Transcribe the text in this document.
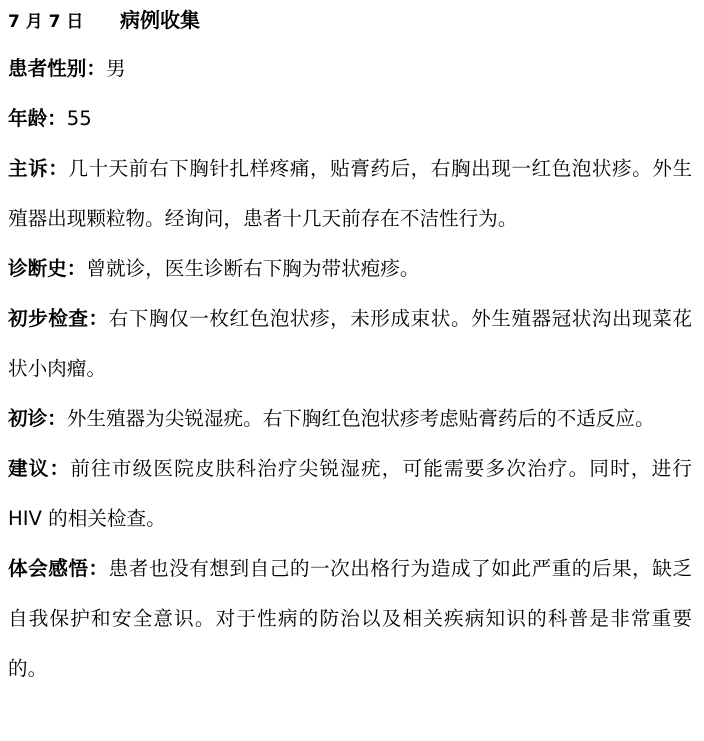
7 月 7 日 病例收集

患者性别：男

年龄：55

主诉：几十天前右下胸针扎样疼痛，贴膏药后，右胸出现一红色泡状疹。外生殖器出现颗粒物。经询问，患者十几天前存在不洁性行为。

诊断史：曾就诊，医生诊断右下胸为带状疱疹。

初步检查：右下胸仅一枚红色泡状疹，未形成束状。外生殖器冠状沟出现菜花状小肉瘤。

初诊：外生殖器为尖锐湿疣。右下胸红色泡状疹考虑贴膏药后的不适反应。

建议：前往市级医院皮肤科治疗尖锐湿疣，可能需要多次治疗。同时，进行 HIV 的相关检查。

体会感悟：患者也没有想到自己的一次出格行为造成了如此严重的后果，缺乏自我保护和安全意识。对于性病的防治以及相关疾病知识的科普是非常重要的。
